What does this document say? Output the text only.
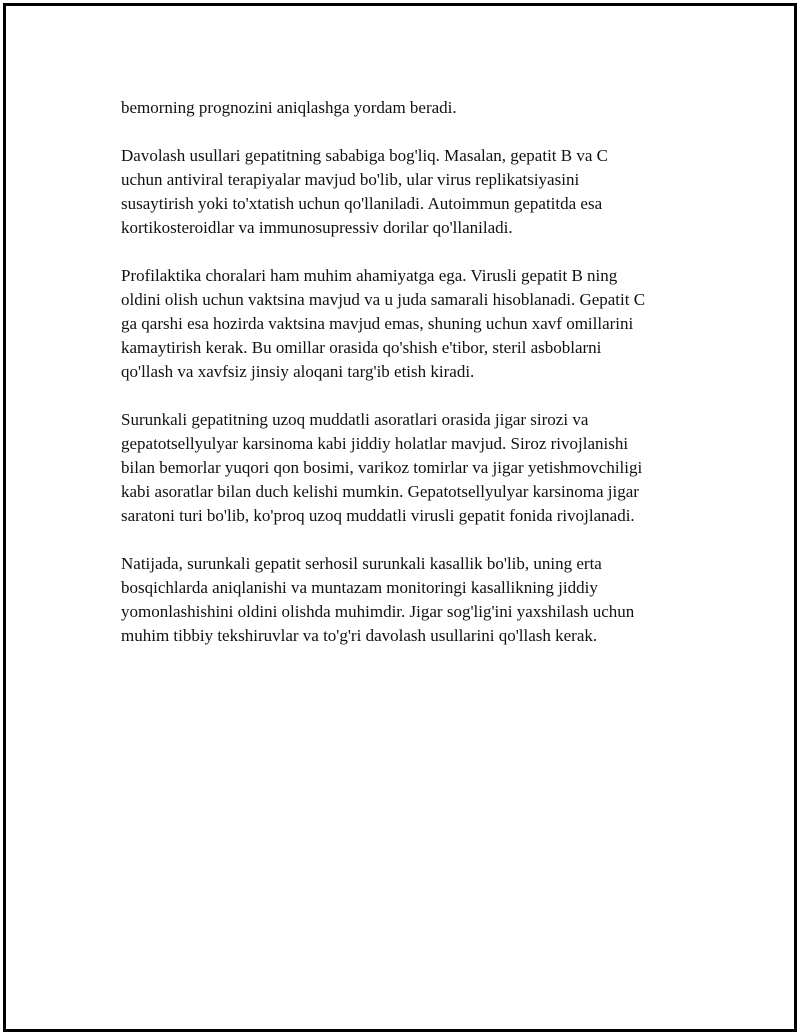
bemorning prognozini aniqlashga yordam beradi.

Davolash usullari gepatitning sababiga bog'liq. Masalan, gepatit B va C
uchun antiviral terapiyalar mavjud bo'lib, ular virus replikatsiyasini
susaytirish yoki to'xtatish uchun qo'llaniladi. Autoimmun gepatitda esa
kortikosteroidlar va immunosupressiv dorilar qo'llaniladi.

Profilaktika choralari ham muhim ahamiyatga ega. Virusli gepatit B ning
oldini olish uchun vaktsina mavjud va u juda samarali hisoblanadi. Gepatit C
ga qarshi esa hozirda vaktsina mavjud emas, shuning uchun xavf omillarini
kamaytirish kerak. Bu omillar orasida qo'shish e'tibor, steril asboblarni
qo'llash va xavfsiz jinsiy aloqani targ'ib etish kiradi.

Surunkali gepatitning uzoq muddatli asoratlari orasida jigar sirozi va
gepatotsellyulyar karsinoma kabi jiddiy holatlar mavjud. Siroz rivojlanishi
bilan bemorlar yuqori qon bosimi, varikoz tomirlar va jigar yetishmovchiligi
kabi asoratlar bilan duch kelishi mumkin. Gepatotsellyulyar karsinoma jigar
saratoni turi bo'lib, ko'proq uzoq muddatli virusli gepatit fonida rivojlanadi.

Natijada, surunkali gepatit serhosil surunkali kasallik bo'lib, uning erta
bosqichlarda aniqlanishi va muntazam monitoringi kasallikning jiddiy
yomonlashishini oldini olishda muhimdir. Jigar sog'lig'ini yaxshilash uchun
muhim tibbiy tekshiruvlar va to'g'ri davolash usullarini qo'llash kerak.
